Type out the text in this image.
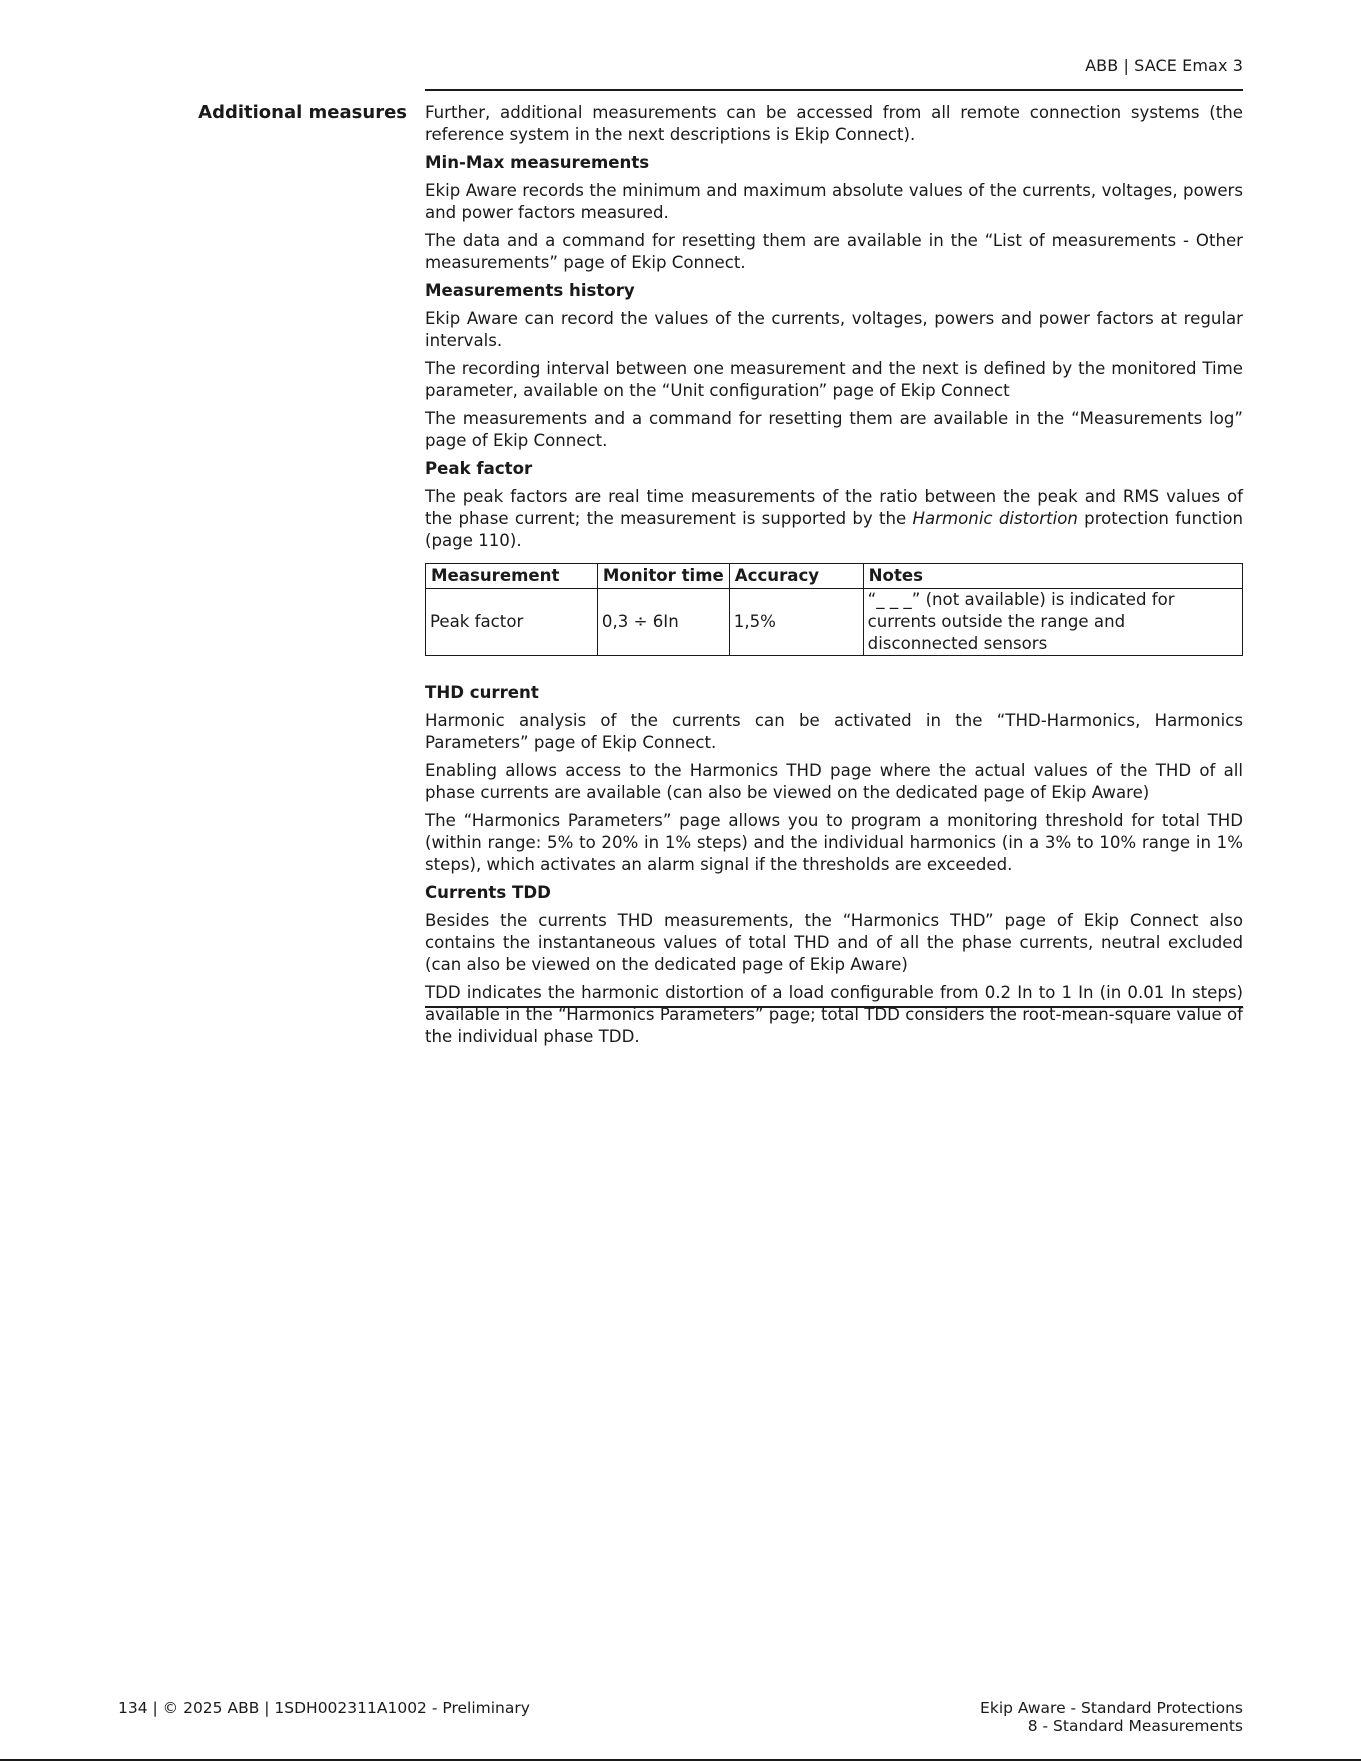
ABB | SACE Emax 3
Additional measures Further, additional measurements can be accessed from all remote connection systems (the reference system in the next descriptions is Ekip Connect).

Min-Max measurements

Ekip Aware records the minimum and maximum absolute values of the currents, voltages, powers and power factors measured.

The data and a command for resetting them are available in the “List of measurements - Other measurements” page of Ekip Connect.

Measurements history

Ekip Aware can record the values of the currents, voltages, powers and power factors at regular intervals.

The recording interval between one measurement and the next is defined by the monitored Time parameter, available on the “Unit configuration” page of Ekip Connect

The measurements and a command for resetting them are available in the “Measurements log” page of Ekip Connect.

Peak factor

The peak factors are real time measurements of the ratio between the peak and RMS values of the phase current; the measurement is supported by the Harmonic distortion protection function (page 110).

Measurement	Monitor time	Accuracy	Notes
Peak factor	0,3 ÷ 6In	1,5%	“_ _ _” (not available) is indicated for currents outside the range and disconnected sensors
THD current

Harmonic analysis of the currents can be activated in the “THD-Harmonics, Harmonics Parameters” page of Ekip Connect.

Enabling allows access to the Harmonics THD page where the actual values of the THD of all phase currents are available (can also be viewed on the dedicated page of Ekip Aware)

The “Harmonics Parameters” page allows you to program a monitoring threshold for total THD (within range: 5% to 20% in 1% steps) and the individual harmonics (in a 3% to 10% range in 1% steps), which activates an alarm signal if the thresholds are exceeded.

Currents TDD

Besides the currents THD measurements, the “Harmonics THD” page of Ekip Connect also contains the instantaneous values of total THD and of all the phase currents, neutral excluded (can also be viewed on the dedicated page of Ekip Aware)

TDD indicates the harmonic distortion of a load configurable from 0.2 In to 1 In (in 0.01 In steps) available in the “Harmonics Parameters” page; total TDD considers the root-mean-square value of the individual phase TDD.

134 | © 2025 ABB | 1SDH002311A1002 - Preliminary	Ekip Aware - Standard Protections
8 - Standard Measurements
